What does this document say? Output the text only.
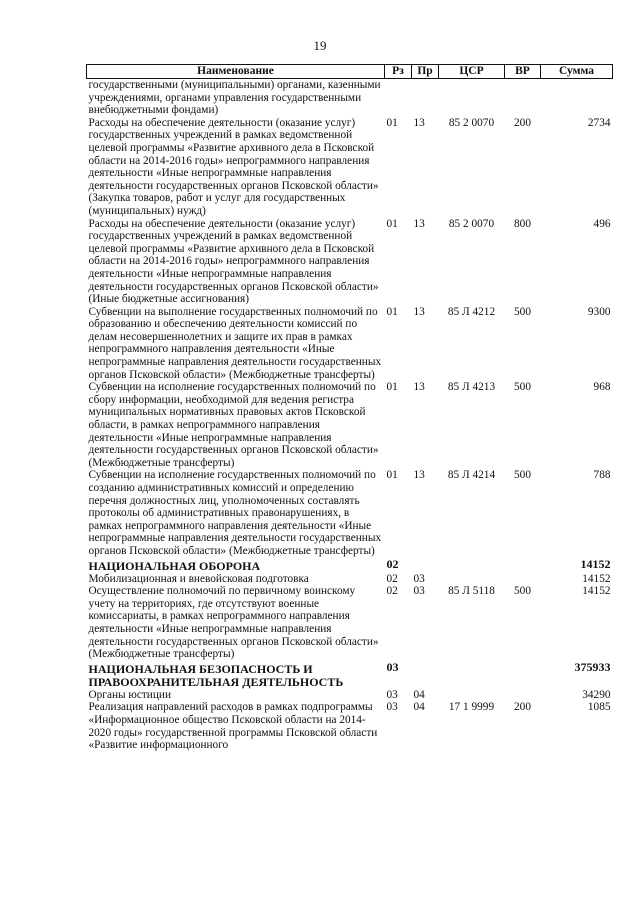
19
Наименование	Рз	Пр	ЦСР	ВР	Сумма
государственными (муниципальными) органами, казенными учреждениями, органами управления государственными внебюджетными фондами)					
Расходы на обеспечение деятельности (оказание услуг) государственных учреждений в рамках ведомственной целевой программы «Развитие архивного дела в Псковской области на 2014-2016 годы» непрограммного направления деятельности «Иные непрограммные направления деятельности государственных органов Псковской области» (Закупка товаров, работ и услуг для государственных (муниципальных) нужд)	01	13	85 2 0070	200	2734
Расходы на обеспечение деятельности (оказание услуг) государственных учреждений в рамках ведомственной целевой программы «Развитие архивного дела в Псковской области на 2014-2016 годы» непрограммного направления деятельности «Иные непрограммные направления деятельности государственных органов Псковской области» (Иные бюджетные ассигнования)	01	13	85 2 0070	800	496
Субвенции на выполнение государственных полномочий по образованию и обеспечению деятельности комиссий по делам несовершеннолетних и защите их прав в рамках непрограммного направления деятельности «Иные непрограммные направления деятельности государственных органов Псковской области» (Межбюджетные трансферты)	01	13	85 Л 4212	500	9300
Субвенции на исполнение государственных полномочий по сбору информации, необходимой для ведения регистра муниципальных нормативных правовых актов Псковской области, в рамках непрограммного направления деятельности «Иные непрограммные направления деятельности государственных органов Псковской области» (Межбюджетные трансферты)	01	13	85 Л 4213	500	968
Субвенции на исполнение государственных полномочий по созданию административных комиссий и определению перечня должностных лиц, уполномоченных составлять протоколы об административных правонарушениях, в рамках непрограммного направления деятельности «Иные непрограммные направления деятельности государственных органов Псковской области» (Межбюджетные трансферты)	01	13	85 Л 4214	500	788
НАЦИОНАЛЬНАЯ ОБОРОНА	02				14152
Мобилизационная и вневойсковая подготовка	02	03			14152
Осуществление полномочий по первичному воинскому учету на территориях, где отсутствуют военные комиссариаты, в рамках непрограммного направления деятельности «Иные непрограммные направления деятельности государственных органов Псковской области» (Межбюджетные трансферты)	02	03	85 Л 5118	500	14152
НАЦИОНАЛЬНАЯ БЕЗОПАСНОСТЬ И ПРАВООХРАНИТЕЛЬНАЯ ДЕЯТЕЛЬНОСТЬ	03				375933
Органы юстиции	03	04			34290
Реализация направлений расходов в рамках подпрограммы «Информационное общество Псковской области на 2014-2020 годы» государственной программы Псковской области «Развитие информационного	03	04	17 1 9999	200	1085
